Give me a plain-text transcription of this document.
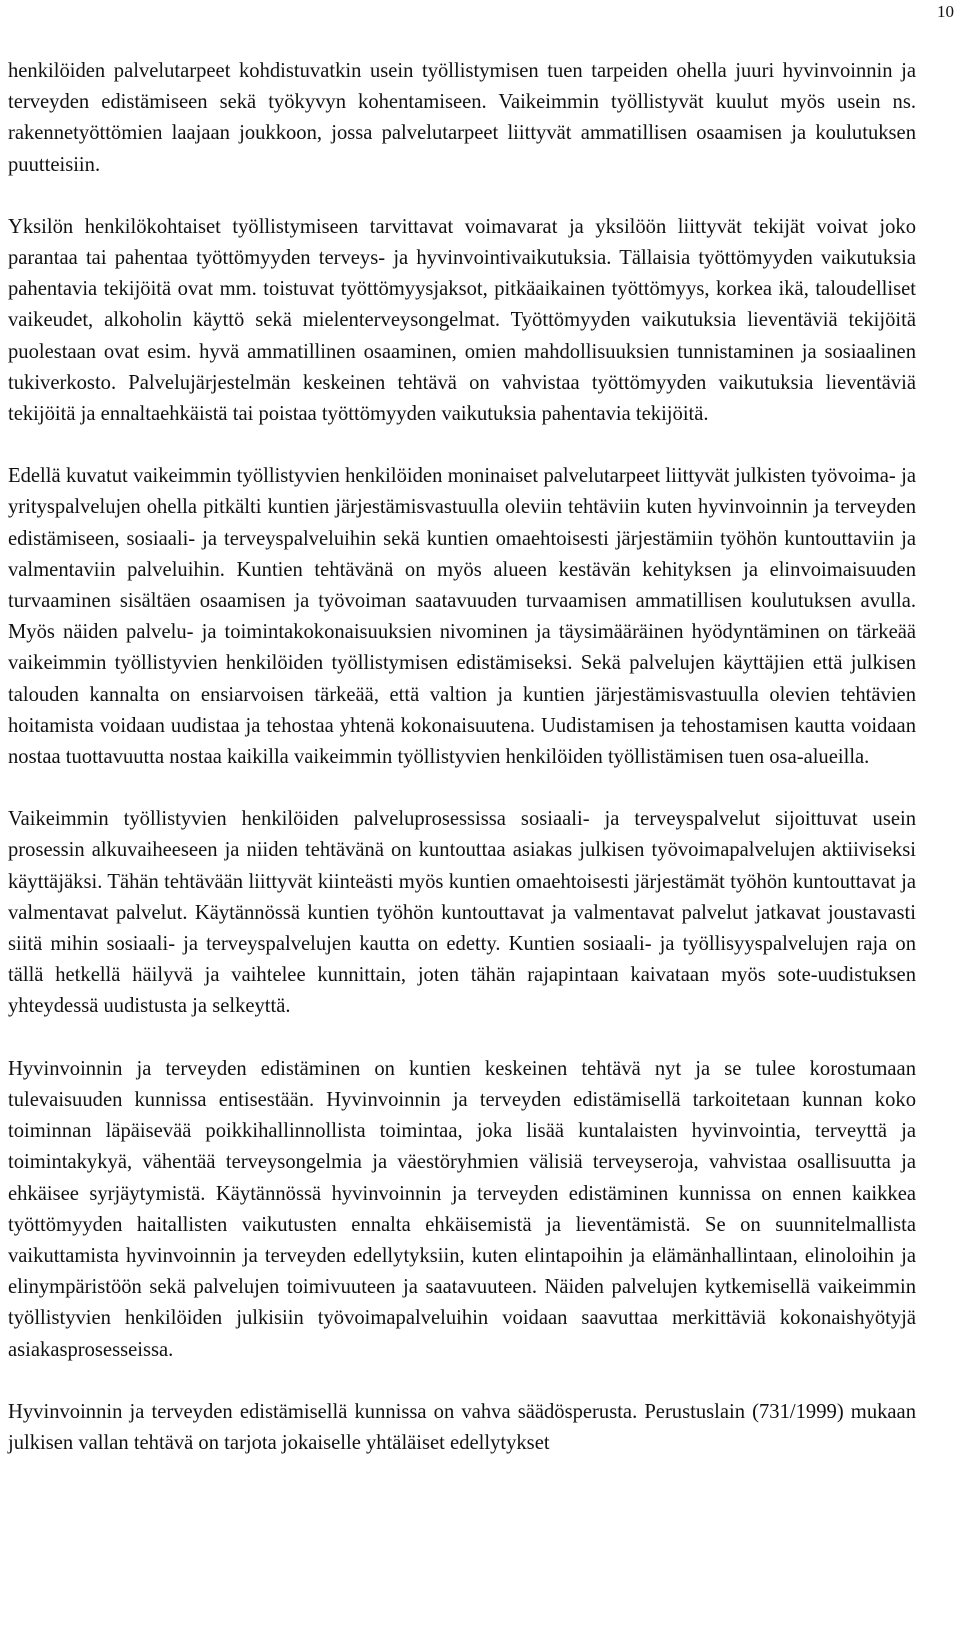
10

henkilöiden palvelutarpeet kohdistuvatkin usein työllistymisen tuen tarpeiden ohella juuri hyvinvoinnin ja terveyden edistämiseen sekä työkyvyn kohentamiseen. Vaikeimmin työllistyvät kuulut myös usein ns. rakennetyöttömien laajaan joukkoon, jossa palvelutarpeet liittyvät ammatillisen osaamisen ja koulutuksen puutteisiin.

Yksilön henkilökohtaiset työllistymiseen tarvittavat voimavarat ja yksilöön liittyvät tekijät voivat joko parantaa tai pahentaa työttömyyden terveys- ja hyvinvointivaikutuksia. Tällaisia työttömyyden vaikutuksia pahentavia tekijöitä ovat mm. toistuvat työttömyysjaksot, pitkäaikainen työttömyys, korkea ikä, taloudelliset vaikeudet, alkoholin käyttö sekä mielenterveysongelmat. Työttömyyden vaikutuksia lieventäviä tekijöitä puolestaan ovat esim. hyvä ammatillinen osaaminen, omien mahdollisuuksien tunnistaminen ja sosiaalinen tukiverkosto. Palvelujärjestelmän keskeinen tehtävä on vahvistaa työttömyyden vaikutuksia lieventäviä tekijöitä ja ennaltaehkäistä tai poistaa työttömyyden vaikutuksia pahentavia tekijöitä.

Edellä kuvatut vaikeimmin työllistyvien henkilöiden moninaiset palvelutarpeet liittyvät julkisten työvoima- ja yrityspalvelujen ohella pitkälti kuntien järjestämisvastuulla oleviin tehtäviin kuten hyvinvoinnin ja terveyden edistämiseen, sosiaali- ja terveyspalveluihin sekä kuntien omaehtoisesti järjestämiin työhön kuntouttaviin ja valmentaviin palveluihin. Kuntien tehtävänä on myös alueen kestävän kehityksen ja elinvoimaisuuden turvaaminen sisältäen osaamisen ja työvoiman saatavuuden turvaamisen ammatillisen koulutuksen avulla. Myös näiden palvelu- ja toimintakokonaisuuksien nivominen ja täysimääräinen hyödyntäminen on tärkeää vaikeimmin työllistyvien henkilöiden työllistymisen edistämiseksi. Sekä palvelujen käyttäjien että julkisen talouden kannalta on ensiarvoisen tärkeää, että valtion ja kuntien järjestämisvastuulla olevien tehtävien hoitamista voidaan uudistaa ja tehostaa yhtenä kokonaisuutena. Uudistamisen ja tehostamisen kautta voidaan nostaa tuottavuutta nostaa kaikilla vaikeimmin työllistyvien henkilöiden työllistämisen tuen osa-alueilla.

Vaikeimmin työllistyvien henkilöiden palveluprosessissa sosiaali- ja terveyspalvelut sijoittuvat usein prosessin alkuvaiheeseen ja niiden tehtävänä on kuntouttaa asiakas julkisen työvoimapalvelujen aktiiviseksi käyttäjäksi. Tähän tehtävään liittyvät kiinteästi myös kuntien omaehtoisesti järjestämät työhön kuntouttavat ja valmentavat palvelut. Käytännössä kuntien työhön kuntouttavat ja valmentavat palvelut jatkavat joustavasti siitä mihin sosiaali- ja terveyspalvelujen kautta on edetty. Kuntien sosiaali- ja työllisyyspalvelujen raja on tällä hetkellä häilyvä ja vaihtelee kunnittain, joten tähän rajapintaan kaivataan myös sote-uudistuksen yhteydessä uudistusta ja selkeyttä.

Hyvinvoinnin ja terveyden edistäminen on kuntien keskeinen tehtävä nyt ja se tulee korostumaan tulevaisuuden kunnissa entisestään. Hyvinvoinnin ja terveyden edistämisellä tarkoitetaan kunnan koko toiminnan läpäisevää poikkihallinnollista toimintaa, joka lisää kuntalaisten hyvinvointia, terveyttä ja toimintakykyä, vähentää terveysongelmia ja väestöryhmien välisiä terveyseroja, vahvistaa osallisuutta ja ehkäisee syrjäytymistä. Käytännössä hyvinvoinnin ja terveyden edistäminen kunnissa on ennen kaikkea työttömyyden haitallisten vaikutusten ennalta ehkäisemistä ja lieventämistä. Se on suunnitelmallista vaikuttamista hyvinvoinnin ja terveyden edellytyksiin, kuten elintapoihin ja elämänhallintaan, elinoloihin ja elinympäristöön sekä palvelujen toimivuuteen ja saatavuuteen. Näiden palvelujen kytkemisellä vaikeimmin työllistyvien henkilöiden julkisiin työvoimapalveluihin voidaan saavuttaa merkittäviä kokonaishyötyjä asiakasprosesseissa.

Hyvinvoinnin ja terveyden edistämisellä kunnissa on vahva säädösperusta. Perustuslain (731/1999) mukaan julkisen vallan tehtävä on tarjota jokaiselle yhtäläiset edellytykset
